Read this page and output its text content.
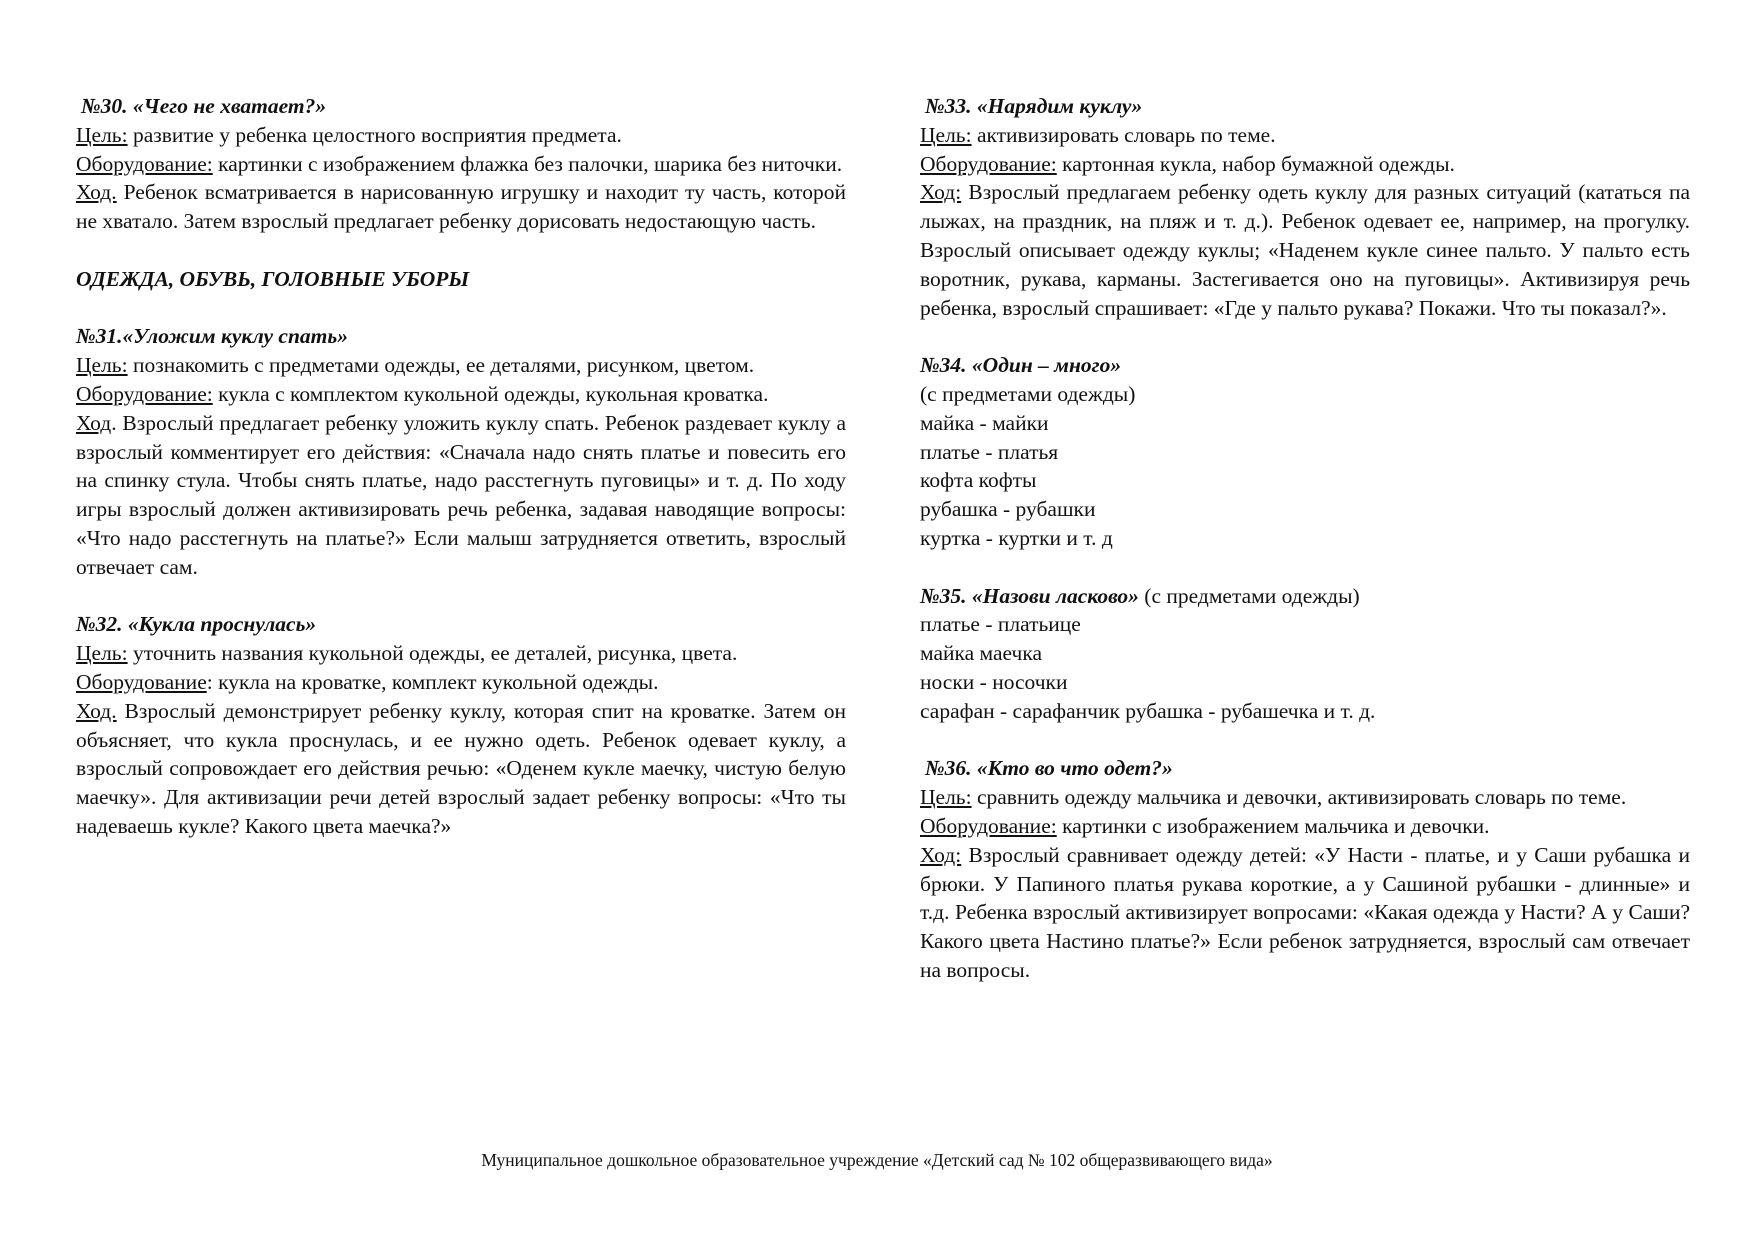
№30. «Чего не хватает?»
Цель: развитие у ребенка целостного восприятия предмета.
Оборудование: картинки с изображением флажка без палочки, шарика без ниточки.
Ход. Ребенок всматривается в нарисованную игрушку и находит ту часть, которой не хватало. Затем взрослый предлагает ребенку дорисовать недостающую часть.
ОДЕЖДА, ОБУВЬ, ГОЛОВНЫЕ УБОРЫ
№31.«Уложим куклу спать»
Цель: познакомить с предметами одежды, ее деталями, рисунком, цветом.
Оборудование: кукла с комплектом кукольной одежды, кукольная кроватка.
Ход. Взрослый предлагает ребенку уложить куклу спать. Ребенок раздевает куклу а взрослый комментирует его действия: «Сначала надо снять платье и повесить его на спинку стула. Чтобы снять платье, надо расстегнуть пуговицы» и т. д. По ходу игры взрослый должен активизировать речь ребенка, задавая наводящие вопросы: «Что надо расстегнуть на платье?» Если малыш затрудняется ответить, взрослый отвечает сам.
№32. «Кукла проснулась»
Цель: уточнить названия кукольной одежды, ее деталей, рисунка, цвета.
Оборудование: кукла на кроватке, комплект кукольной одежды.
Ход. Взрослый демонстрирует ребенку куклу, которая спит на кроватке. Затем он объясняет, что кукла проснулась, и ее нужно одеть. Ребенок одевает куклу, а взрослый сопровождает его действия речью: «Оденем кукле маечку, чистую белую маечку». Для активизации речи детей взрослый задает ребенку вопросы: «Что ты надеваешь кукле? Какого цвета маечка?»
№33. «Нарядим куклу»
Цель: активизировать словарь по теме.
Оборудование: картонная кукла, набор бумажной одежды.
Ход: Взрослый предлагаем ребенку одеть куклу для разных ситуаций (кататься па лыжах, на праздник, на пляж и т. д.). Ребенок одевает ее, например, на прогулку. Взрослый описывает одежду куклы; «Наденем кукле синее пальто. У пальто есть воротник, рукава, карманы. Застегивается оно на пуговицы». Активизируя речь ребенка, взрослый спрашивает: «Где у пальто рукава? Покажи. Что ты показал?».
№34. «Один – много»
(с предметами одежды)
майка - майки
платье - платья
кофта кофты
рубашка - рубашки
куртка - куртки и т. д
№35. «Назови ласково» (с предметами одежды)
платье - платьице
майка маечка
носки - носочки
сарафан - сарафанчик рубашка - рубашечка и т. д.
№36. «Кто во что одет?»
Цель: сравнить одежду мальчика и девочки, активизировать словарь по теме.
Оборудование: картинки с изображением мальчика и девочки.
Ход: Взрослый сравнивает одежду детей: «У Насти - платье, и у Саши рубашка и брюки. У Папиного платья рукава короткие, а у Сашиной рубашки - длинные» и т.д. Ребенка взрослый активизирует вопросами: «Какая одежда у Насти? А у Саши? Какого цвета Настино платье?» Если ребенок затрудняется, взрослый сам отвечает на вопросы.
Муниципальное дошкольное образовательное учреждение «Детский сад № 102 общеразвивающего вида»
